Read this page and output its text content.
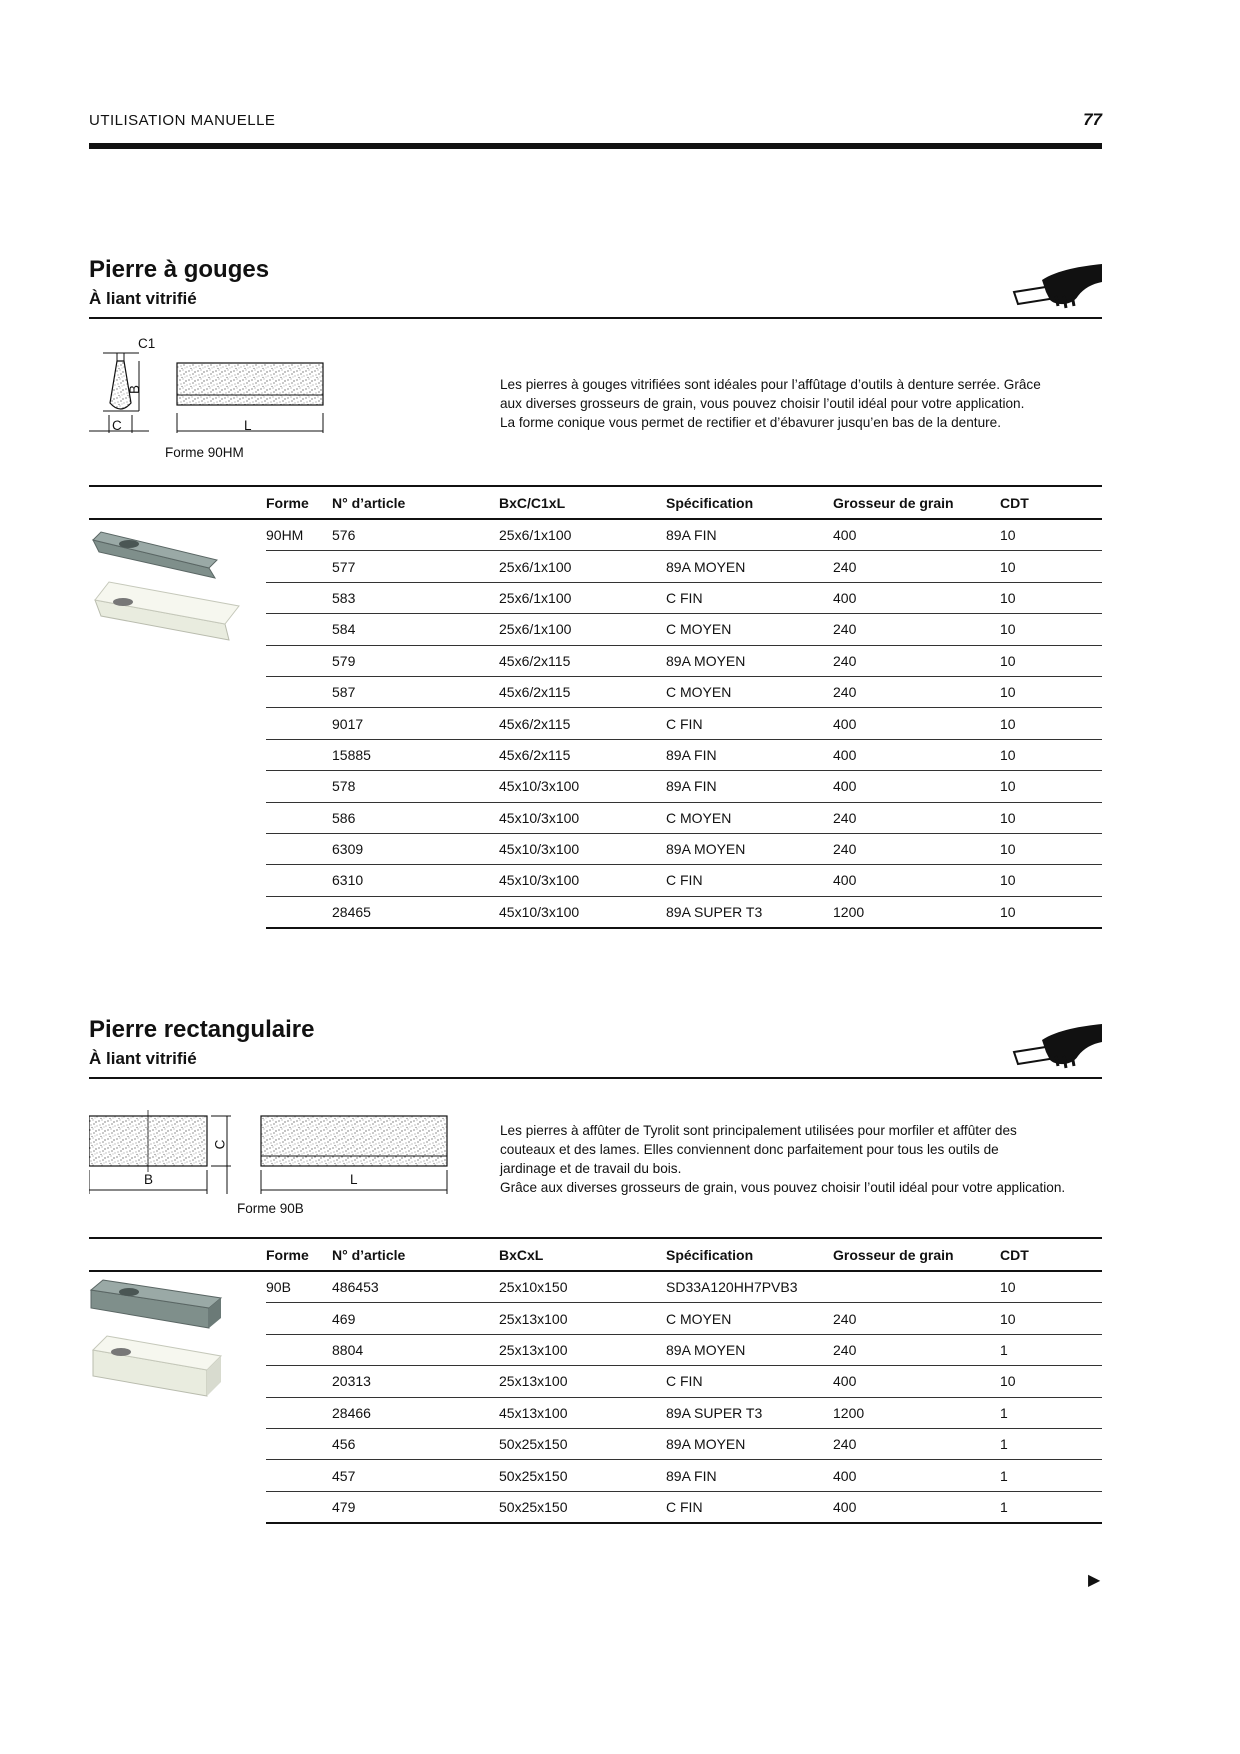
UTILISATION MANUELLE	77
Pierre à gouges
À liant vitrifié
C1
B
C	L
Forme 90HM

Les pierres à gouges vitrifiées sont idéales pour l’affûtage d’outils à denture serrée. Grâce

aux diverses grosseurs de grain, vous pouvez choisir l’outil idéal pour votre application.

La forme conique vous permet de rectifier et d’ébavurer jusqu’en bas de la denture.

	Forme	N° d’article	BxC/C1xL	Spécification	Grosseur de grain	CDT
	90HM	576	25x6/1x100	89A FIN	400	10
		577	25x6/1x100	89A MOYEN	240	10
		583	25x6/1x100	C FIN	400	10
		584	25x6/1x100	C MOYEN	240	10
		579	45x6/2x115	89A MOYEN	240	10
		587	45x6/2x115	C MOYEN	240	10
		9017	45x6/2x115	C FIN	400	10
		15885	45x6/2x115	89A FIN	400	10
		578	45x10/3x100	89A FIN	400	10
		586	45x10/3x100	C MOYEN	240	10
		6309	45x10/3x100	89A MOYEN	240	10
		6310	45x10/3x100	C FIN	400	10
		28465	45x10/3x100	89A SUPER T3	1200	10
Pierre rectangulaire
À liant vitrifié
C
B	L
Forme 90B

Les pierres à affûter de Tyrolit sont principalement utilisées pour morfiler et affûter des

couteaux et des lames. Elles conviennent donc parfaitement pour tous les outils de

jardinage et de travail du bois.

Grâce aux diverses grosseurs de grain, vous pouvez choisir l’outil idéal pour votre application.

	Forme	N° d’article	BxCxL	Spécification	Grosseur de grain	CDT
	90B	486453	25x10x150	SD33A120HH7PVB3		10
		469	25x13x100	C MOYEN	240	10
		8804	25x13x100	89A MOYEN	240	1
		20313	25x13x100	C FIN	400	10
		28466	45x13x100	89A SUPER T3	1200	1
		456	50x25x150	89A MOYEN	240	1
		457	50x25x150	89A FIN	400	1
		479	50x25x150	C FIN	400	1
▶
